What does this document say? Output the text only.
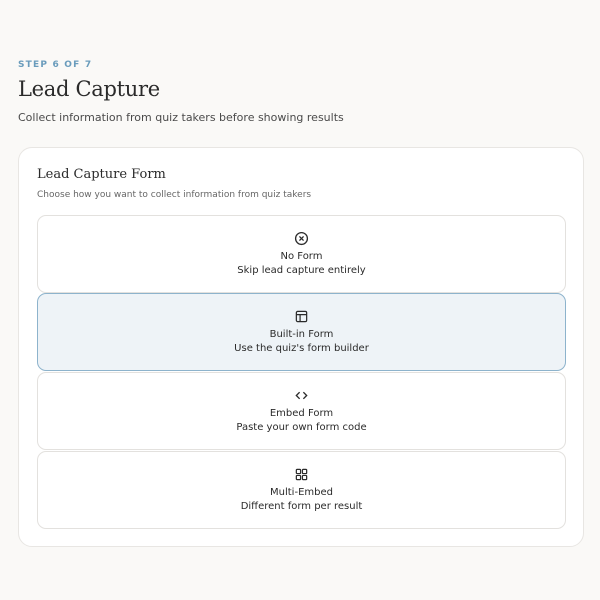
STEP 6 OF 7
Lead Capture
Collect information from quiz takers before showing results
Lead Capture Form
Choose how you want to collect information from quiz takers
No Form
Skip lead capture entirely
Built-in Form
Use the quiz's form builder
Embed Form
Paste your own form code
Multi-Embed
Different form per result
